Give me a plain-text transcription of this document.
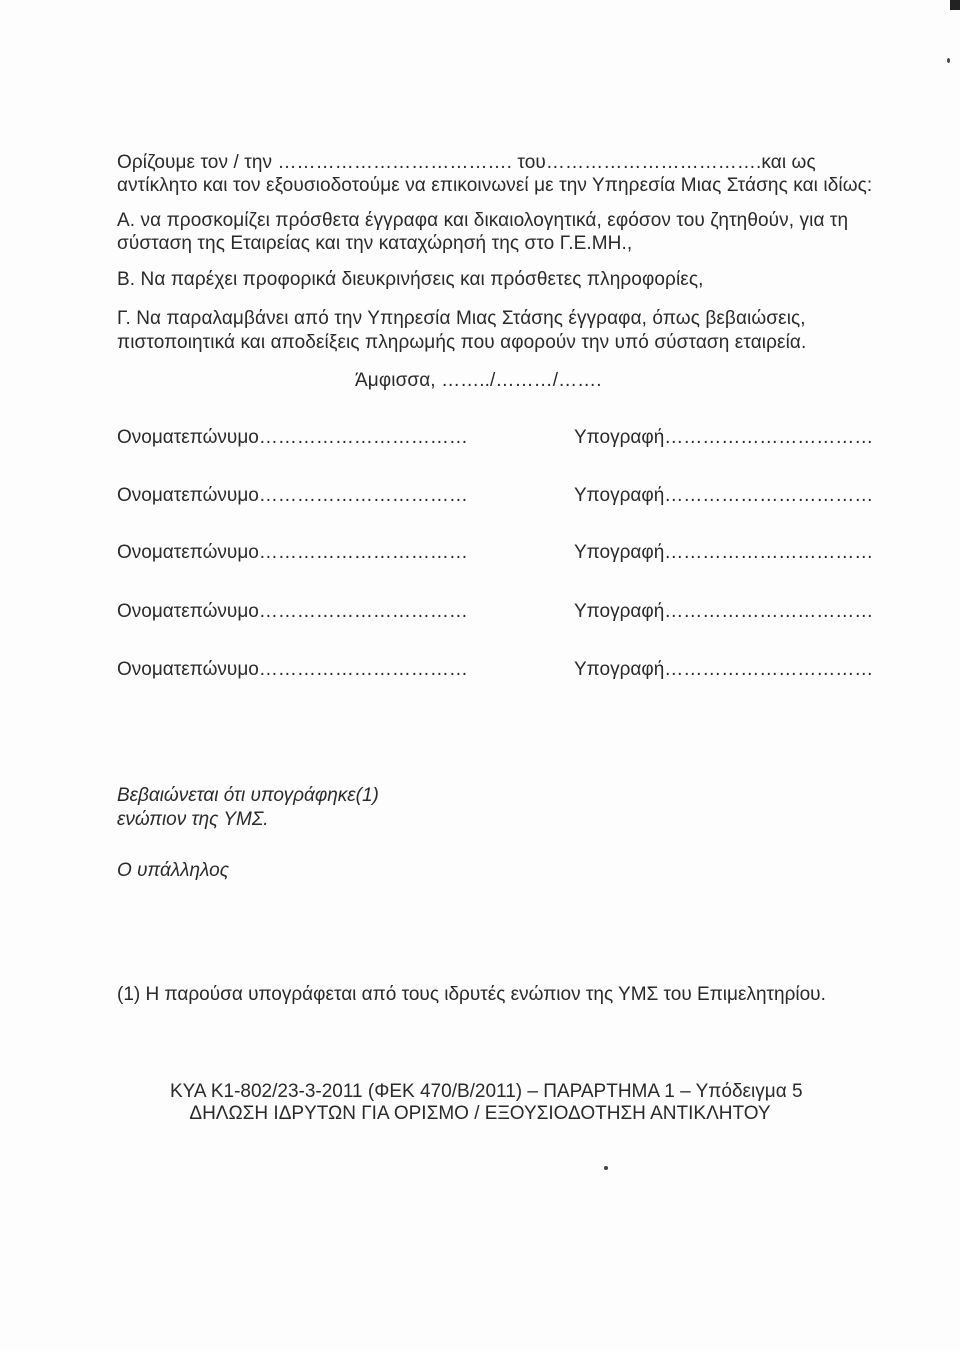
Ορίζουμε τον / την ………………………………. του…………………………….και ως
αντίκλητο και τον εξουσιοδοτούμε να επικοινωνεί με την Υπηρεσία Μιας Στάσης και ιδίως:
Α. να προσκομίζει πρόσθετα έγγραφα και δικαιολογητικά, εφόσον του ζητηθούν, για τη
σύσταση της Εταιρείας και την καταχώρησή της στο Γ.Ε.ΜΗ.,
Β. Να παρέχει προφορικά διευκρινήσεις και πρόσθετες πληροφορίες,
Γ. Να παραλαμβάνει από την Υπηρεσία Μιας Στάσης έγγραφα, όπως βεβαιώσεις,
πιστοποιητικά και αποδείξεις πληρωμής που αφορούν την υπό σύσταση εταιρεία.
Άμφισσα, ……../………/…….
Ονοματεπώνυμο……………………………	Υπογραφή……………………………
Ονοματεπώνυμο……………………………	Υπογραφή……………………………
Ονοματεπώνυμο……………………………	Υπογραφή……………………………
Ονοματεπώνυμο……………………………	Υπογραφή……………………………
Ονοματεπώνυμο……………………………	Υπογραφή……………………………
Βεβαιώνεται ότι υπογράφηκε(1)
ενώπιον της ΥΜΣ.
Ο υπάλληλος
(1) Η παρούσα υπογράφεται από τους ιδρυτές ενώπιον της ΥΜΣ του Επιμελητηρίου.
ΚΥΑ Κ1-802/23-3-2011 (ΦΕΚ 470/Β/2011) – ΠΑΡΑΡΤΗΜΑ 1 – Υπόδειγμα 5
ΔΗΛΩΣΗ ΙΔΡΥΤΩΝ ΓΙΑ ΟΡΙΣΜΟ / ΕΞΟΥΣΙΟΔΟΤΗΣΗ ΑΝΤΙΚΛΗΤΟΥ
